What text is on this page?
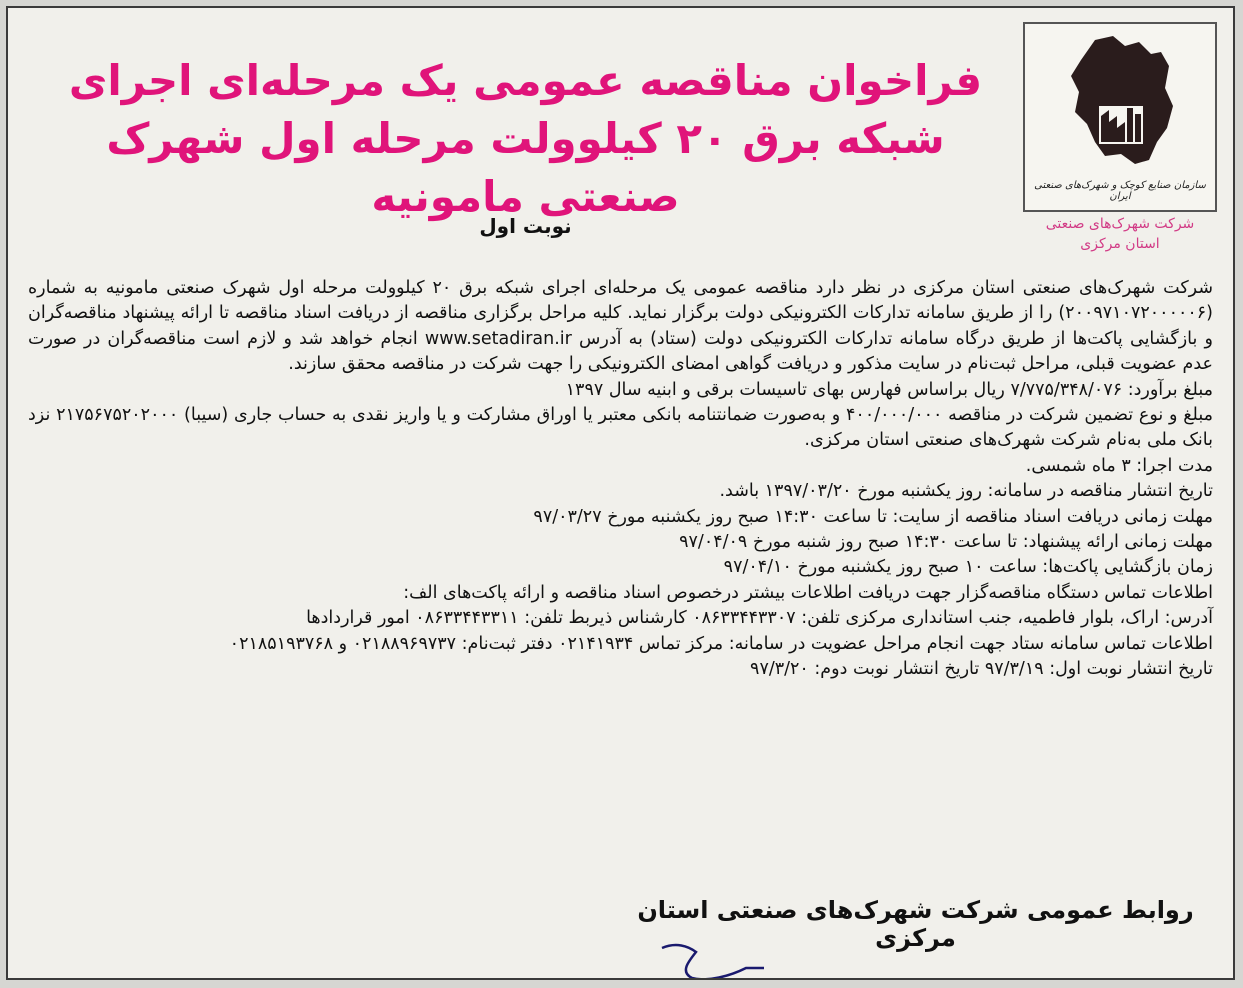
سازمان صنایع کوچک و شهرک‌های صنعتی ایران
شرکت شهرک‌های صنعتی
استان مرکزی
فراخوان مناقصه عمومی یک مرحله‌ای اجرای شبکه برق ۲۰ کیلوولت مرحله اول شهرک صنعتی مامونیه
نوبت اول

شرکت شهرک‌های صنعتی استان مرکزی در نظر دارد مناقصه عمومی یک مرحله‌ای اجرای شبکه برق ۲۰ کیلوولت مرحله اول شهرک صنعتی مامونیه به شماره (۲۰۰۹۷۱۰۷۲۰۰۰۰۰۶) را از طریق سامانه تدارکات الکترونیکی دولت برگزار نماید. کلیه مراحل برگزاری مناقصه از دریافت اسناد مناقصه تا ارائه پیشنهاد مناقصه‌گران و بازگشایی پاکت‌ها از طریق درگاه سامانه تدارکات الکترونیکی دولت (ستاد) به آدرس www.setadiran.ir انجام خواهد شد و لازم است مناقصه‌گران در صورت عدم عضویت قبلی، مراحل ثبت‌نام در سایت مذکور و دریافت گواهی امضای الکترونیکی را جهت شرکت در مناقصه محقق سازند.

مبلغ برآورد: ۷/۷۷۵/۳۴۸/۰۷۶ ریال براساس فهارس بهای تاسیسات برقی و ابنیه سال ۱۳۹۷

مبلغ و نوع تضمین شرکت در مناقصه ۴۰۰/۰۰۰/۰۰۰ و به‌صورت ضمانتنامه بانکی معتبر یا اوراق مشارکت و یا واریز نقدی به حساب جاری (سیبا) ۲۱۷۵۶۷۵۲۰۲۰۰۰ نزد بانک ملی به‌نام شرکت شهرک‌های صنعتی استان مرکزی.

مدت اجرا: ۳ ماه شمسی.

تاریخ انتشار مناقصه در سامانه: روز یکشنبه مورخ ۱۳۹۷/۰۳/۲۰ باشد.

مهلت زمانی دریافت اسناد مناقصه از سایت: تا ساعت ۱۴:۳۰ صبح روز یکشنبه مورخ ۹۷/۰۳/۲۷

مهلت زمانی ارائه پیشنهاد: تا ساعت ۱۴:۳۰ صبح روز شنبه مورخ ۹۷/۰۴/۰۹

زمان بازگشایی پاکت‌ها: ساعت ۱۰ صبح روز یکشنبه مورخ ۹۷/۰۴/۱۰

اطلاعات تماس دستگاه مناقصه‌گزار جهت دریافت اطلاعات بیشتر درخصوص اسناد مناقصه و ارائه پاکت‌های الف:

آدرس: اراک، بلوار فاطمیه، جنب استانداری مرکزی تلفن: ۰۸۶۳۳۴۴۳۳۰۷ کارشناس ذیربط تلفن: ۰۸۶۳۳۴۴۳۳۱۱ امور قراردادها

اطلاعات تماس سامانه ستاد جهت انجام مراحل عضویت در سامانه: مرکز تماس ۰۲۱۴۱۹۳۴ دفتر ثبت‌نام: ۰۲۱۸۸۹۶۹۷۳۷ و ۰۲۱۸۵۱۹۳۷۶۸

تاریخ انتشار نوبت اول: ۹۷/۳/۱۹ تاریخ انتشار نوبت دوم: ۹۷/۳/۲۰

روابط عمومی شرکت شهرک‌های صنعتی استان مرکزی
